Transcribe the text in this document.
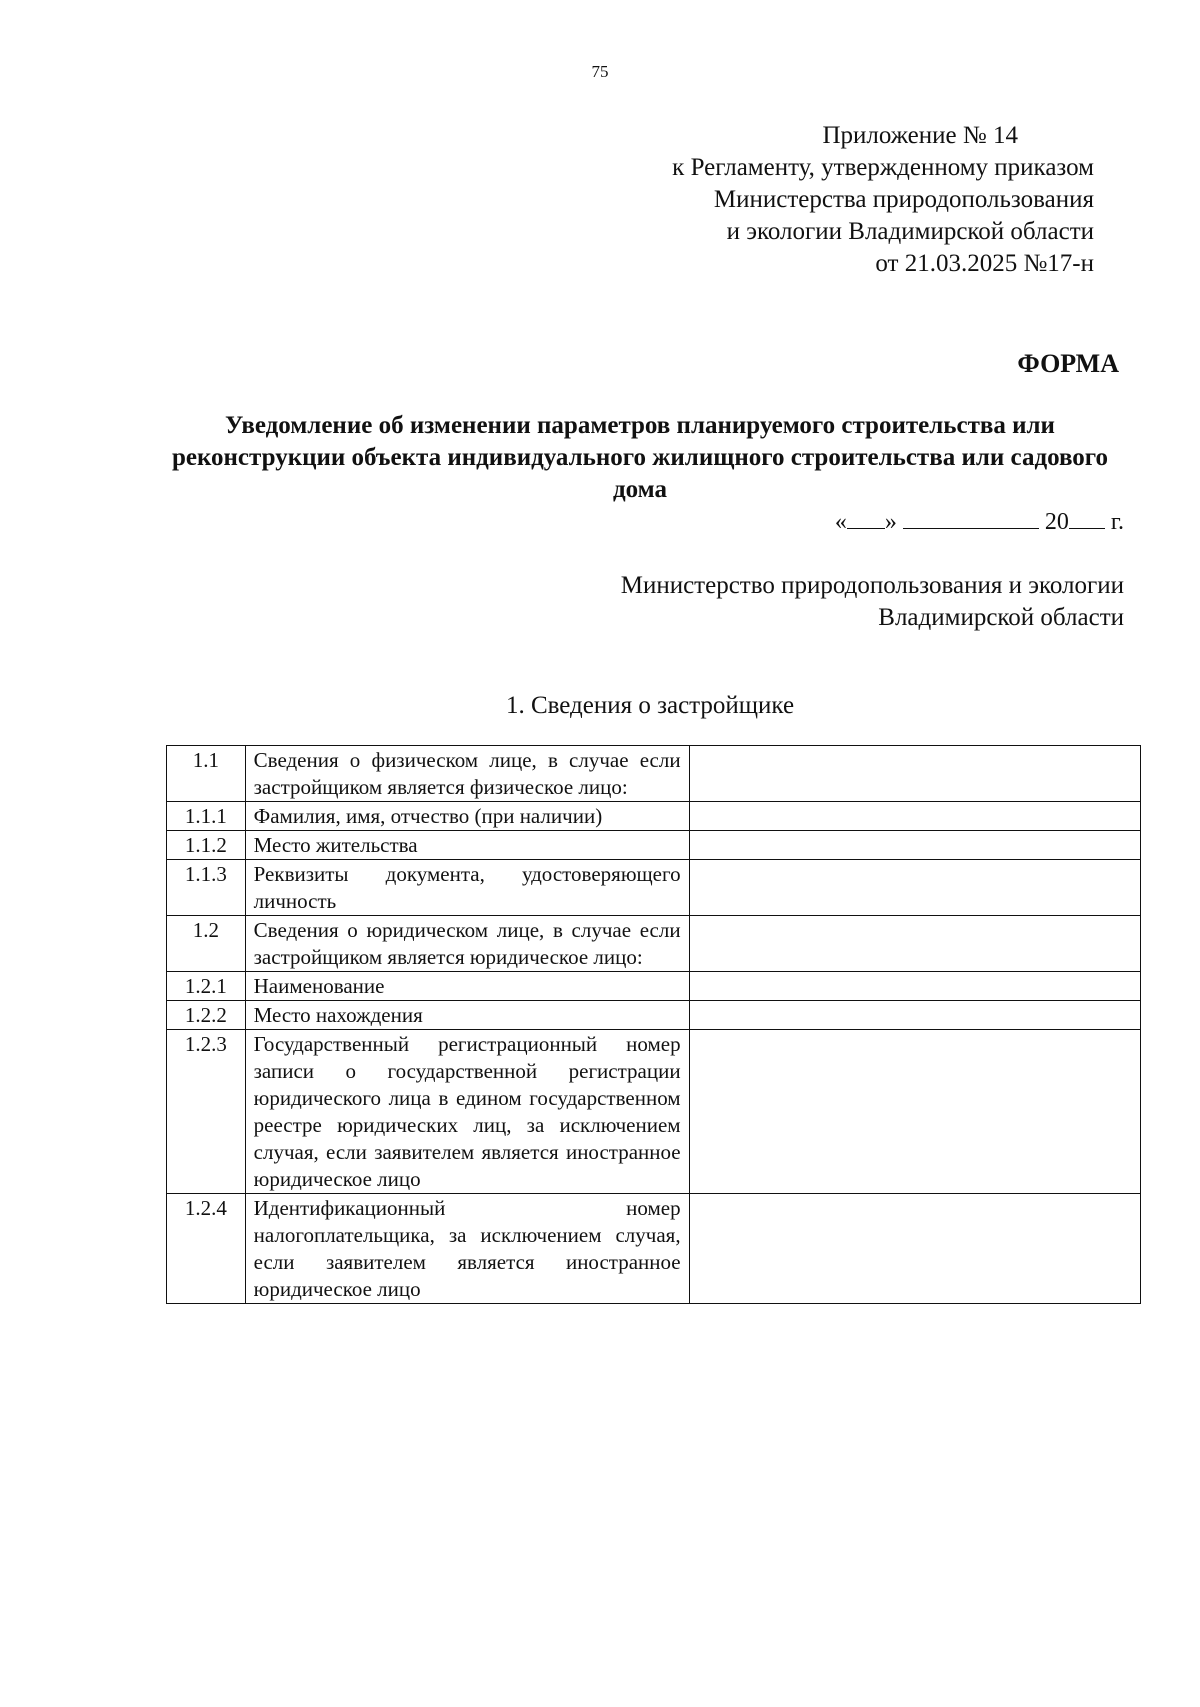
75
Приложение № 14
к Регламенту, утвержденному приказом
Министерства природопользования
и экологии Владимирской области
от 21.03.2025 №17-н
ФОРМА
Уведомление об изменении параметров планируемого строительства или реконструкции объекта индивидуального жилищного строительства или садового дома
« »	20 г.
Министерство природопользования и экологии
Владимирской области
1. Сведения о застройщике
1.1	Сведения о физическом лице, в случае если застройщиком является физическое лицо:	
1.1.1	Фамилия, имя, отчество (при наличии)	
1.1.2	Место жительства	
1.1.3	Реквизиты документа, удостоверяющего личность	
1.2	Сведения о юридическом лице, в случае если застройщиком является юридическое лицо:	
1.2.1	Наименование	
1.2.2	Место нахождения	
1.2.3	Государственный регистрационный номер записи о государственной регистрации юридического лица в едином государственном реестре юридических лиц, за исключением случая, если заявителем является иностранное юридическое лицо	
1.2.4	Идентификационный номер налогоплательщика, за исключением случая, если заявителем является иностранное юридическое лицо	
